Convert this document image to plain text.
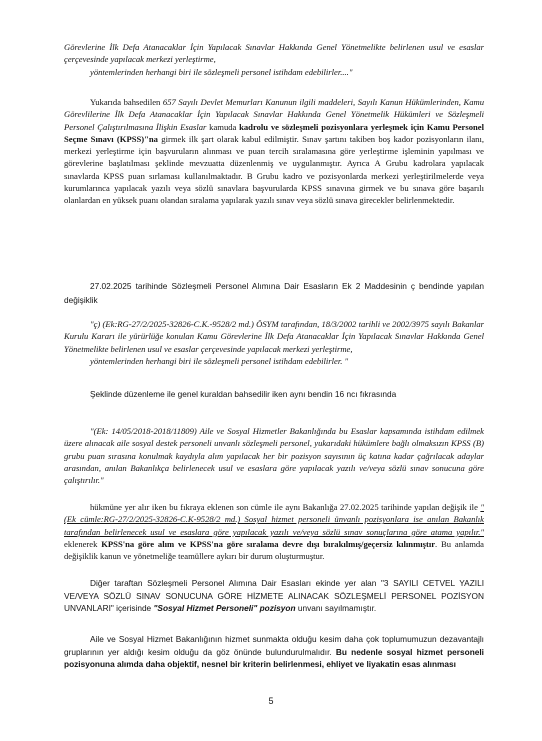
Görevlerine İlk Defa Atanacaklar İçin Yapılacak Sınavlar Hakkında Genel Yönetmelikte belirlenen usul ve esaslar çerçevesinde yapılacak merkezi yerleştirme,
yöntemlerinden herhangi biri ile sözleşmeli personel istihdam edebilirler...."

Yukarıda bahsedilen 657 Sayılı Devlet Memurları Kanunun ilgili maddeleri, Sayılı Kanun Hükümlerinden, Kamu Görevlilerine İlk Defa Atanacaklar İçin Yapılacak Sınavlar Hakkında Genel Yönetmelik Hükümleri ve Sözleşmeli Personel Çalıştırılmasına İlişkin Esaslar kamuda kadrolu ve sözleşmeli pozisyonlara yerleşmek için Kamu Personel Seçme Sınavı (KPSS)"na girmek ilk şart olarak kabul edilmiştir. Sınav şartını takiben boş kador pozisyonların ilanı, merkezi yerleştirme için başvuruların alınması ve puan tercih sıralamasına göre yerleştirme işleminin yapılması ve görevlerine başlatılması şeklinde mevzuatta düzenlenmiş ve uygulanmıştır. Ayrıca A Grubu kadrolara yapılacak sınavlarda KPSS puan sırlaması kullanılmaktadır. B Grubu kadro ve pozisyonlarda merkezi yerleştirilmelerde veya kurumlarınca yapılacak yazılı veya sözlü sınavlara başvurularda KPSS sınavına girmek ve bu sınava göre başarılı olanlardan en yüksek puanı olandan sıralama yapılarak yazılı sınav veya sözlü sınava girecekler belirlenmektedir.

27.02.2025 tarihinde Sözleşmeli Personel Alımına Dair Esasların Ek 2 Maddesinin ç bendinde yapılan değişiklik

"ç) (Ek:RG-27/2/2025-32826-C.K.-9528/2 md.) ÖSYM tarafından, 18/3/2002 tarihli ve 2002/3975 sayılı Bakanlar Kurulu Kararı ile yürürlüğe konulan Kamu Görevlerine İlk Defa Atanacaklar İçin Yapılacak Sınavlar Hakkında Genel Yönetmelikte belirlenen usul ve esaslar çerçevesinde yapılacak merkezi yerleştirme,
yöntemlerinden herhangi biri ile sözleşmeli personel istihdam edebilirler. "

Şeklinde düzenleme ile genel kuraldan bahsedilir iken aynı bendin 16 ncı fıkrasında

"(Ek: 14/05/2018-2018/11809) Aile ve Sosyal Hizmetler Bakanlığında bu Esaslar kapsamında istihdam edilmek üzere alınacak aile sosyal destek personeli unvanlı sözleşmeli personel, yukarıdaki hükümlere bağlı olmaksızın KPSS (B) grubu puan sırasına konulmak kaydıyla alım yapılacak her bir pozisyon sayısının üç katına kadar çağrılacak adaylar arasından, anılan Bakanlıkça belirlenecek usul ve esaslara göre yapılacak yazılı ve/veya sözlü sınav sonucuna göre çalıştırılır."

hükmüne yer alır iken bu fıkraya eklenen son cümle ile aynı Bakanlığa 27.02.2025 tarihinde yapılan değişik ile "(Ek cümle:RG-27/2/2025-32826-C.K-9528/2 md.) Sosyal hizmet personeli ünvanlı pozisyonlara ise anılan Bakanlık tarafından belirlenecek usul ve esaslara göre yapılacak yazılı ve/veya sözlü sınav sonuçlarına göre atama yapılır." eklenerek KPSS'na göre alım ve KPSS'na göre sıralama devre dışı bırakılmış/geçersiz kılınmıştır. Bu anlamda değişiklik kanun ve yönetmeliğe teamüllere aykırı bir durum oluşturmuştur.

Diğer taraftan Sözleşmeli Personel Alımına Dair Esasları ekinde yer alan "3 SAYILI CETVEL YAZILI VE/VEYA SÖZLÜ SINAV SONUCUNA GÖRE HİZMETE ALINACAK SÖZLEŞMELİ PERSONEL POZİSYON UNVANLARI" içerisinde "Sosyal Hizmet Personeli" pozisyon unvanı sayılmamıştır.

Aile ve Sosyal Hizmet Bakanlığının hizmet sunmakta olduğu kesim daha çok toplumumuzun dezavantajlı gruplarının yer aldığı kesim olduğu da göz önünde bulundurulmalıdır. Bu nedenle sosyal hizmet personeli pozisyonuna alımda daha objektif, nesnel bir kriterin belirlenmesi, ehliyet ve liyakatin esas alınması

5
